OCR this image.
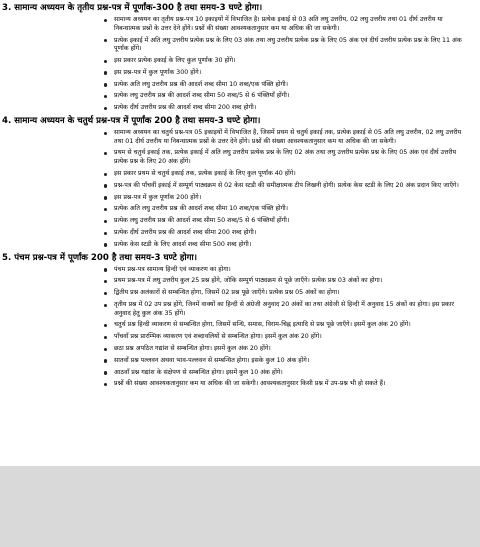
3. सामान्य अध्ययन के तृतीय प्रश्न-पत्र में पूर्णांक-300 है तथा समय-3 घण्टे होगा।
सामान्य अध्ययन का तृतीय प्रश्न-पत्र 10 इकाइयों में विभाजित है। प्रत्येक इकाई से 03 अति लघु उत्तरीय, 02 लघु उत्तरीय तथा 01 दीर्घ उत्तरीय या निबन्धात्मक प्रश्नों के उत्तर देने होंगे। प्रश्नों की संख्या आवश्यकतानुसार कम या अधिक की जा सकेगी।
प्रत्येक इकाई में अति लघु उत्तरीय प्रत्येक प्रश्न के लिए 03 अंक तथा लघु उत्तरीय प्रत्येक प्रश्न के लिए 05 अंक एवं दीर्घ उत्तरीय प्रत्येक प्रश्न के लिए 11 अंक पूर्णांक होंगे।
इस प्रकार प्रत्येक इकाई के लिए कुल पूर्णांक 30 होंगे।
इस प्रश्न-पत्र में कुल पूर्णांक 300 होंगे।
प्रत्येक अति लघु उत्तरीय प्रश्न की आदर्श शब्द सीमा 10 शब्द/एक पंक्ति होगी।
प्रत्येक लघु उत्तरीय प्रश्न की आदर्श शब्द सीमा 50 शब्द/5 से 6 पंक्तियाँ होंगी।
प्रत्येक दीर्घ उत्तरीय प्रश्न की आदर्श शब्द सीमा 200 शब्द होगी।
4. सामान्य अध्ययन के चतुर्थ प्रश्न-पत्र में पूर्णांक 200 है तथा समय-3 घण्टे होगा।
सामान्य अध्ययन का चतुर्थ प्रश्न-पत्र 05 इकाइयों में विभाजित है, जिसमें प्रथम से चतुर्थ इकाई तक, प्रत्येक इकाई से 05 अति लघु उत्तरीय, 02 लघु उत्तरीय तथा 01 दीर्घ उत्तरीय या निबन्धात्मक प्रश्नों के उत्तर देने होंगे। प्रश्नों की संख्या आवश्यकतानुसार कम या अधिक की जा सकेगी।
प्रथम से चतुर्थ इकाई तक, प्रत्येक इकाई में अति लघु उत्तरीय प्रत्येक प्रश्न के लिए 02 अंक तथा लघु उत्तरीय प्रत्येक प्रश्न के लिए 05 अंक एवं दीर्घ उत्तरीय प्रत्येक प्रश्न के लिए 20 अंक होंगे।
इस प्रकार प्रथम से चतुर्थ इकाई तक, प्रत्येक इकाई के लिए कुल पूर्णांक 40 होंगे।
प्रश्न-पत्र की पाँचवीं इकाई में सम्पूर्ण पाठ्यक्रम से 02 केस स्टडी की समीक्षात्मक टीप लिखनी होगी। प्रत्येक केस स्टडी के लिए 20 अंक प्रदान किए जाएँगे।
इस प्रश्न-पत्र में कुल पूर्णांक 200 होंगे।
प्रत्येक अति लघु उत्तरीय प्रश्न की आदर्श शब्द सीमा 10 शब्द/एक पंक्ति होगी।
प्रत्येक लघु उत्तरीय प्रश्न की आदर्श शब्द सीमा 50 शब्द/5 से 6 पंक्तियाँ होंगी।
प्रत्येक दीर्घ उत्तरीय प्रश्न की आदर्श शब्द सीमा 200 शब्द होगी।
प्रत्येक केस स्टडी के लिए आदर्श शब्द सीमा 500 शब्द होगी।
5. पंचम प्रश्न-पत्र में पूर्णांक 200 है तथा समय-3 घण्टे होगा।
पंचम प्रश्न-पत्र सामान्य हिन्दी एवं व्याकरण का होगा।
प्रथम प्रश्न-पत्र में लघु उत्तरीय कुल 25 प्रश्न होंगे, जोकि सम्पूर्ण पाठ्यक्रम से पूछे जाएँगे। प्रत्येक प्रश्न 03 अंकों का होगा।
द्वितीय प्रश्न अलंकारों से सम्बन्धित होगा, जिसमें 02 प्रश्न पूछे जाएँगे। प्रत्येक प्रश्न 05 अंकों का होगा।
तृतीय प्रश्न में 02 उप प्रश्न होंगे, जिनमें वाक्यों का हिन्दी से अंग्रेजी अनुवाद 20 अंकों का तथा अंग्रेजी से हिन्दी में अनुवाद 15 अंकों का होगा। इस प्रकार अनुवाद हेतु कुल अंक 35 होंगे।
चतुर्थ प्रश्न हिन्दी व्याकरण से सम्बन्धित होगा, जिसमें सन्धि, समास, विराम-चिह्न इत्यादि से प्रश्न पूछे जाएँगे। इसमें कुल अंक 20 होंगे।
पाँचवाँ प्रश्न प्रारम्भिक व्याकरण एवं शब्दावलियों से सम्बन्धित होगा। इसमें कुल अंक 20 होंगे।
छठा प्रश्न अपठित गद्यांश से सम्बन्धित होगा। इसमें कुल अंक 20 होंगे।
सातवाँ प्रश्न पल्लवन अथवा भाव-पल्लवन से सम्बन्धित होगा। इसके कुल 10 अंक होंगे।
आठवाँ प्रश्न गद्यांश के संक्षेपण से सम्बन्धित होगा। इसमें कुल 10 अंक होंगे।
प्रश्नों की संख्या आवश्यकतानुसार कम या अधिक की जा सकेगी। आवश्यकतानुसार किसी प्रश्न में उप-प्रश्न भी हो सकते हैं।
